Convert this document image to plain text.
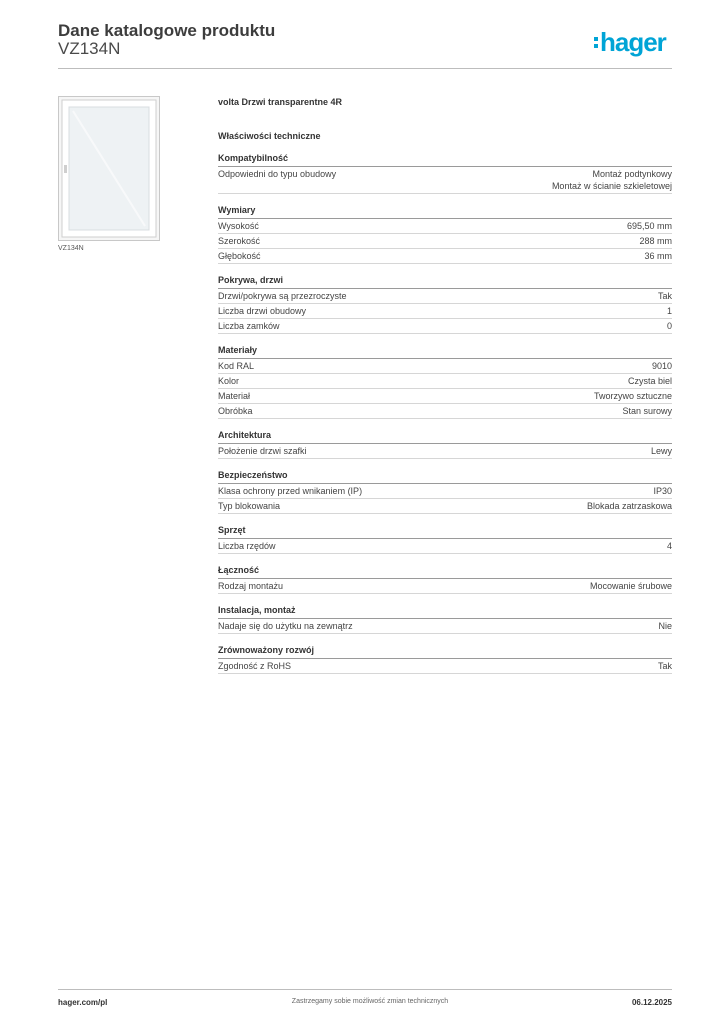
Dane katalogowe produktu
VZ134N	hager
VZ134N
volta Drzwi transparentne 4R
Właściwości techniczne
Kompatybilność
Odpowiedni do typu obudowy	Montaż podtynkowy
Montaż w ścianie szkieletowej
Wymiary
Wysokość	695,50 mm
Szerokość	288 mm
Głębokość	36 mm
Pokrywa, drzwi
Drzwi/pokrywa są przezroczyste	Tak
Liczba drzwi obudowy	1
Liczba zamków	0
Materiały
Kod RAL	9010
Kolor	Czysta biel
Materiał	Tworzywo sztuczne
Obróbka	Stan surowy
Architektura
Położenie drzwi szafki	Lewy
Bezpieczeństwo
Klasa ochrony przed wnikaniem (IP)	IP30
Typ blokowania	Blokada zatrzaskowa
Sprzęt
Liczba rzędów	4
Łączność
Rodzaj montażu	Mocowanie śrubowe
Instalacja, montaż
Nadaje się do użytku na zewnątrz	Nie
Zrównoważony rozwój
Zgodność z RoHS	Tak
hager.com/pl	Zastrzegamy sobie możliwość zmian technicznych	06.12.2025
